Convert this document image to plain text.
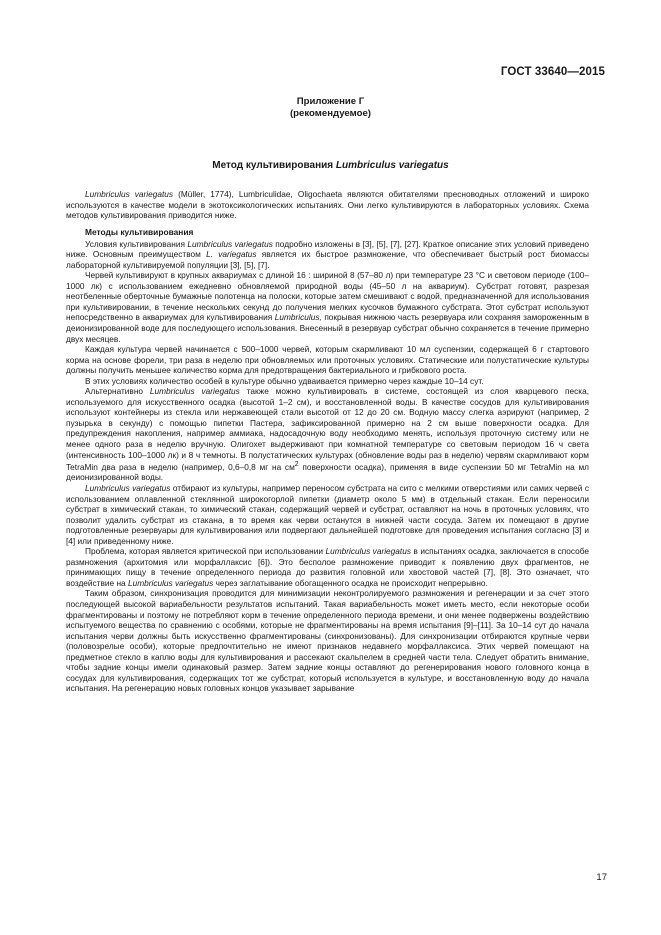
ГОСТ 33640—2015
Приложение Г
(рекомендуемое)
Метод культивирования Lumbriculus variegatus

Lumbriculus variegatus (Müller, 1774), Lumbriculidae, Oligochaeta являются обитателями пресноводных отложений и широко используются в качестве модели в экотоксикологических испытаниях. Они легко культивируются в лабораторных условиях. Схема методов культивирования приводится ниже.

Методы культивирования

Условия культивирования Lumbriculus variegatus подробно изложены в [3], [5], [7], [27]. Краткое описание этих условий приведено ниже. Основным преимуществом L. variegatus является их быстрое размножение, что обеспечивает быстрый рост биомассы лабораторной культивируемой популяции [3], [5], [7].

Червей культивируют в крупных аквариумах с длиной 16 : шириной 8 (57–80 л) при температуре 23 °C и световом периоде (100–1000 лк) с использованием ежедневно обновляемой природной воды (45–50 л на аквариум). Субстрат готовят, разрезая неотбеленные оберточные бумажные полотенца на полоски, которые затем смешивают с водой, предназначенной для использования при культивировании, в течение нескольких секунд до получения мелких кусочков бумажного субстрата. Этот субстрат используют непосредственно в аквариумах для культивирования Lumbriculus, покрывая нижнюю часть резервуара или сохраняя замороженным в деионизированной воде для последующего использования. Внесенный в резервуар субстрат обычно сохраняется в течение примерно двух месяцев.

Каждая культура червей начинается с 500–1000 червей, которым скармливают 10 мл суспензии, содержащей 6 г стартового корма на основе форели, три раза в неделю при обновляемых или проточных условиях. Статические или полустатические культуры должны получить меньшее количество корма для предотвращения бактериального и грибкового роста.

В этих условиях количество особей в культуре обычно удваивается примерно через каждые 10–14 сут.

Альтернативно Lumbriculus variegatus также можно культивировать в системе, состоящей из слоя кварцевого песка, используемого для искусственного осадка (высотой 1–2 см), и восстановленной воды. В качестве сосудов для культивирования используют контейнеры из стекла или нержавеющей стали высотой от 12 до 20 см. Водную массу слегка аэрируют (например, 2 пузырька в секунду) с помощью пипетки Пастера, зафиксированной примерно на 2 см выше поверхности осадка. Для предупреждения накопления, например аммиака, надосадочную воду необходимо менять, используя проточную систему или не менее одного раза в неделю вручную. Олигохет выдерживают при комнатной температуре со световым периодом 16 ч света (интенсивность 100–1000 лк) и 8 ч темноты. В полустатических культурах (обновление воды раз в неделю) червям скармливают корм TetraMin два раза в неделю (например, 0,6–0,8 мг на $см^2$ поверхности осадка), применяя в виде суспензии 50 мг TetraMin на мл деионизированной воды.

Lumbriculus variegatus отбирают из культуры, например переносом субстрата на сито с мелкими отверстиями или самих червей с использованием оплавленной стеклянной широкогорлой пипетки (диаметр около 5 мм) в отдельный стакан. Если переносили субстрат в химический стакан, то химический стакан, содержащий червей и субстрат, оставляют на ночь в проточных условиях, что позволит удалить субстрат из стакана, в то время как черви останутся в нижней части сосуда. Затем их помещают в другие подготовленные резервуары для культивирования или подвергают дальнейшей подготовке для проведения испытания согласно [3] и [4] или приведенному ниже.

Проблема, которая является критической при использовании Lumbriculus variegatus в испытаниях осадка, заключается в способе размножения (архитомия или морфаллаксис [6]). Это бесполое размножение приводит к появлению двух фрагментов, не принимающих пищу в течение определенного периода до развития головной или хвостовой частей [7], [8]. Это означает, что воздействие на Lumbriculus variegatus через заглатывание обогащенного осадка не происходит непрерывно.

Таким образом, синхронизация проводится для минимизации неконтролируемого размножения и регенерации и за счет этого последующей высокой вариабельности результатов испытаний. Такая вариабельность может иметь место, если некоторые особи фрагментированы и поэтому не потребляют корм в течение определенного периода времени, и они менее подвержены воздействию испытуемого вещества по сравнению с особями, которые не фрагментированы на время испытания [9]–[11]. За 10–14 сут до начала испытания черви должны быть искусственно фрагментированы (синхронизованы). Для синхронизации отбираются крупные черви (половозрелые особи), которые предпочтительно не имеют признаков недавнего морфаллаксиса. Этих червей помещают на предметное стекло в каплю воды для культивирования и рассекают скальпелем в средней части тела. Следует обратить внимание, чтобы задние концы имели одинаковый размер. Затем задние концы оставляют до регенерирования нового головного конца в сосудах для культивирования, содержащих тот же субстрат, который используется в культуре, и восстановленную воду до начала испытания. На регенерацию новых головных концов указывает зарывание

17
